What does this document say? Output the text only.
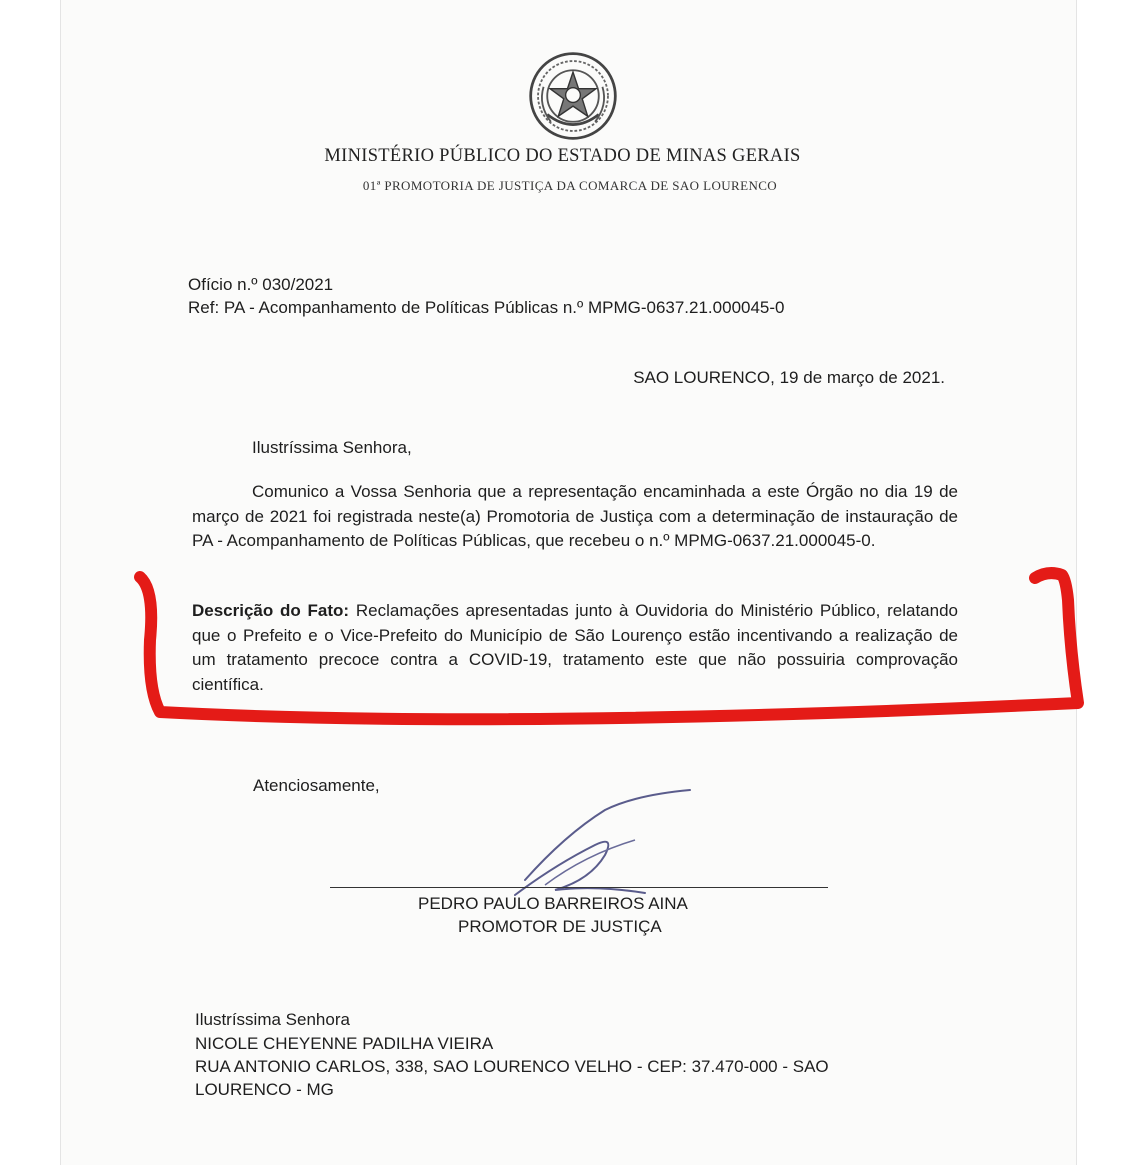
MINISTÉRIO PÚBLICO DO ESTADO DE MINAS GERAIS
01ª PROMOTORIA DE JUSTIÇA DA COMARCA DE SAO LOURENCO
Ofício n.º 030/2021
Ref: PA - Acompanhamento de Políticas Públicas n.º MPMG-0637.21.000045-0
SAO LOURENCO, 19 de março de 2021.
Ilustríssima Senhora,
Comunico a Vossa Senhoria que a representação encaminhada a este Órgão no dia 19 de março de 2021 foi registrada neste(a) Promotoria de Justiça com a determinação de instauração de PA - Acompanhamento de Políticas Públicas, que recebeu o n.º MPMG-0637.21.000045-0.
Descrição do Fato: Reclamações apresentadas junto à Ouvidoria do Ministério Público, relatando que o Prefeito e o Vice-Prefeito do Município de São Lourenço estão incentivando a realização de um tratamento precoce contra a COVID-19, tratamento este que não possuiria comprovação científica.
Atenciosamente,
PEDRO PAULO BARREIROS AINA
PROMOTOR DE JUSTIÇA
Ilustríssima Senhora
NICOLE CHEYENNE PADILHA VIEIRA
RUA ANTONIO CARLOS, 338, SAO LOURENCO VELHO - CEP: 37.470-000 - SAO
LOURENCO - MG
